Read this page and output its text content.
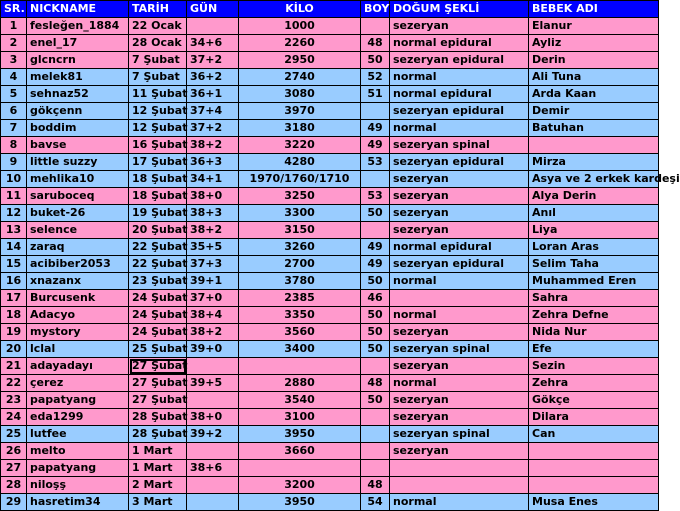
SR.	NICKNAME	TARİH	GÜN	KİLO	BOY	DOĞUM ŞEKLİ	BEBEK ADI
1	fesleğen_1884	22 Ocak		1000		sezeryan	Elanur
2	enel_17	28 Ocak	34+6	2260	48	normal epidural	Ayliz
3	glcncrn	7 Şubat	37+2	2950	50	sezeryan epidural	Derin
4	melek81	7 Şubat	36+2	2740	52	normal	Ali Tuna
5	sehnaz52	11 Şubat	36+1	3080	51	normal epidural	Arda Kaan
6	gökçenn	12 Şubat	37+4	3970		sezeryan epidural	Demir
7	boddim	12 Şubat	37+2	3180	49	normal	Batuhan
8	bavse	16 Şubat	38+2	3220	49	sezeryan spinal	
9	little suzzy	17 Şubat	36+3	4280	53	sezeryan epidural	Mirza
10	mehlika10	18 Şubat	34+1	1970/1760/1710		sezeryan	Asya ve 2 erkek kardeşi
11	saruboceq	18 Şubat	38+0	3250	53	sezeryan	Alya Derin
12	buket-26	19 Şubat	38+3	3300	50	sezeryan	Anıl
13	selence	20 Şubat	38+2	3150		sezeryan	Liya
14	zaraq	22 Şubat	35+5	3260	49	normal epidural	Loran Aras
15	acibiber2053	22 Şubat	37+3	2700	49	sezeryan epidural	Selim Taha
16	xnazanx	23 Şubat	39+1	3780	50	normal	Muhammed Eren
17	Burcusenk	24 Şubat	37+0	2385	46		Sahra
18	Adacyo	24 Şubat	38+4	3350	50	normal	Zehra Defne
19	mystory	24 Şubat	38+2	3560	50	sezeryan	Nida Nur
20	lclal	25 Şubat	39+0	3400	50	sezeryan spinal	Efe
21	adayadayı	27 Şubat				sezeryan	Sezin
22	çerez	27 Şubat	39+5	2880	48	normal	Zehra
23	papatyang	27 Şubat		3540	50	sezeryan	Gökçe
24	eda1299	28 Şubat	38+0	3100		sezeryan	Dilara
25	lutfee	28 Şubat	39+2	3950		sezeryan spinal	Can
26	melto	1 Mart		3660		sezeryan	
27	papatyang	1 Mart	38+6				
28	niloşş	2 Mart		3200	48		
29	hasretim34	3 Mart		3950	54	normal	Musa Enes
